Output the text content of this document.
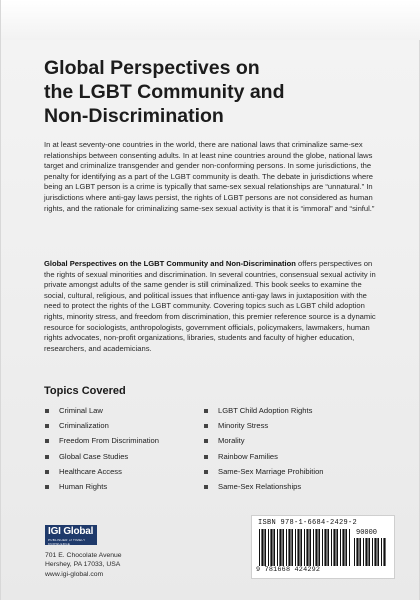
Global Perspectives on
the LGBT Community and
Non-Discrimination

In at least seventy-one countries in the world, there are national laws that criminalize same-sex relationships between consenting adults. In at least nine countries around the globe, national laws target and criminalize transgender and gender non-conforming persons. In some jurisdictions, the penalty for identifying as a part of the LGBT community is death. The debate in jurisdictions where being an LGBT person is a crime is typically that same-sex sexual relationships are “unnatural.” In jurisdictions where anti-gay laws persist, the rights of LGBT persons are not considered as human rights, and the rationale for criminalizing same-sex sexual activity is that it is “immoral” and “sinful.”

Global Perspectives on the LGBT Community and Non-Discrimination offers perspectives on the rights of sexual minorities and discrimination. In several countries, consensual sexual activity in private amongst adults of the same gender is still criminalized. This book seeks to examine the social, cultural, religious, and political issues that influence anti-gay laws in juxtaposition with the need to protect the rights of the LGBT community. Covering topics such as LGBT child adoption rights, minority stress, and freedom from discrimination, this premier reference source is a dynamic resource for sociologists, anthropologists, government officials, policymakers, lawmakers, human rights advocates, non-profit organizations, libraries, students and faculty of higher education, researchers, and academicians.

Topics Covered
Criminal Law
Criminalization
Freedom From Discrimination
Global Case Studies
Healthcare Access
Human Rights
LGBT Child Adoption Rights
Minority Stress
Morality
Rainbow Families
Same-Sex Marriage Prohibition
Same-Sex Relationships
IGI Global
PUBLISHER of TIMELY KNOWLEDGE
701 E. Chocolate Avenue
Hershey, PA 17033, USA
www.igi-global.com
ISBN 978-1-6684-2429-2
90000
9 781668 424292
